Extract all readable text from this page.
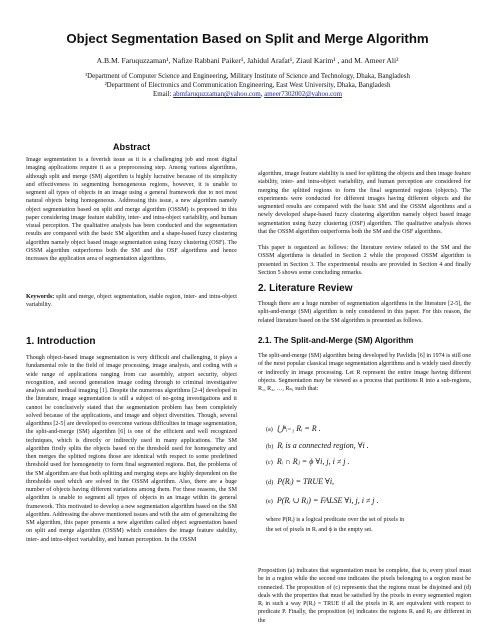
Object Segmentation Based on Split and Merge Algorithm
A.B.M. Faruquzzaman¹, Nafize Rabbani Paiker¹, Jahidul Arafat¹, Ziaul Karim¹ , and M. Ameer Ali²
¹Department of Computer Science and Engineering, Military Institute of Science and Technology, Dhaka, Bangladesh
²Department of Electronics and Communication Engineering, East West University, Dhaka, Bangladesh
Email: abmfaruquzzaman@yahoo.com, ameer7302002@yahoo.com
Abstract

Image segmentation is a feverish issue as it is a challenging job and most digital imaging applications require it as a preprocessing step. Among various algorithms, although split and merge (SM) algorithm is highly lucrative because of its simplicity and effectiveness in segmenting homogeneous regions, however, it is unable to segment all types of objects in an image using a general framework due to not most natural objects being homogeneous. Addressing this issue, a new algorithm namely object segmentation based on split and merge algorithm (OSSM) is proposed in this paper considering image feature stability, inter- and intra-object variability, and human visual perception. The qualitative analysis has been conducted and the segmentation results are compared with the basic SM algorithm and a shape-based fuzzy clustering algorithm namely object based image segmentation using fuzzy clustering (OSF). The OSSM algorithm outperforms both the SM and the OSF algorithms and hence increases the application area of segmentation algorithms.

Keywords: split and merge, object segmentation, stable region, inter- and intra-object variability.

1. Introduction

Though object-based image segmentation is very difficult and challenging, it plays a fundamental role in the field of image processing, image analysis, and coding with a wide range of applications ranging from car assembly, airport security, object recognition, and second generation image coding through to criminal investigative analysis and medical imaging [1]. Despite the numerous algorithms [2-4] developed in the literature, image segmentation is still a subject of no-going investigations and it cannot be conclusively stated that the segmentation problem has been completely solved because of the applications, and image and object diversities. Though, several algorithms [2-5] are developed to overcome various difficulties in image segmentation, the split-and-merge (SM) algorithm [6] is one of the efficient and well recognized techniques, which is directly or indirectly used in many applications. The SM algorithm firstly splits the objects based on the threshold used for homogeneity and then merges the splitted regions those are identical with respect to some predefined threshold used for homogeneity to form final segmented regions. But, the problems of the SM algorithm are that both splitting and merging steps are highly dependent on the thresholds used which are solved in the OSSM algorithm. Also, there are a huge number of objects having different variations among them. For these reasons, the SM algorithm is unable to segment all types of objects in an image within its general framework. This motivated to develop a new segmentation algorithm based on the SM algorithm. Addressing the above mentioned issues and with the aim of generalizing the SM algorithm, this paper presents a new algorithm called object segmentation based on split and merge algorithm (OSSM) which considers the image feature stability, inter- and intra-object variability, and human perception. In the OSSM

algorithm, image feature stability is used for splitting the objects and then image feature stability, inter- and intra-object variability, and human perception are considered for merging the splitted regions to form the final segmented regions (objects). The experiments were conducted for different images having different objects and the segmented results are compared with the basic SM and the OSSM algorithms and a newly developed shape-based fuzzy clustering algorithm namely object based image segmentation using fuzzy clustering (OSF) algorithm. The qualitative analysis shows that the OSSM algorithm outperforms both the SM and the OSF algorithms.

This paper is organized as follows: the literature review related to the SM and the OSSM algorithms is detailed in Section 2 while the proposed OSSM algorithm is presented in Section 3. The experimental results are provided in Section 4 and finally Section 5 shows some concluding remarks.

2. Literature Review

Though there are a huge number of segmentation algorithms in the literature [2-5], the split-and-merge (SM) algorithm is only considered in this paper. For this reason, the related literature based on the SM algorithm is presented as follows.

2.1. The Split-and-Merge (SM) Algorithm

The split-and-merge (SM) algorithm being developed by Pavlidis [6] in 1974 is still one of the most popular classical image segmentation algorithms and is widely used directly or indirectly in image processing. Let R represent the entire image having different objects. Segmentation may be viewed as a process that partitions R into a sub-regions, R₁, R₂, …, Rₙ, such that:

(a) ⋃ⁿᵢ₌₁ Rᵢ = R .
(b) Rᵢ is a connected region, ∀i .
(c) Rᵢ ∩ Rⱼ = ϕ ∀i, j, i ≠ j .
(d) P(Rᵢ) = TRUE ∀i,
(e) P(Rᵢ ∪ Rⱼ) = FALSE ∀i, j, i ≠ j .
where P(Rᵢ) is a logical predicate over the set of pixels in
the set of pixels in Rᵢ and ϕ is the empty set.

Proposition (a) indicates that segmentation must be complete, that is, every pixel must be in a region while the second one indicates the pixels belonging to a region must be connected. The proposition of (c) represents that the regions must be disjoined and (d) deals with the properties that must be satisfied by the pixels in every segmented region Rᵢ in such a way P(Rᵢ) = TRUE if all the pixels in Rᵢ are equivalent with respect to predicate P. Finally, the proposition (e) indicates the regions Rᵢ and Rⱼ are different in the
